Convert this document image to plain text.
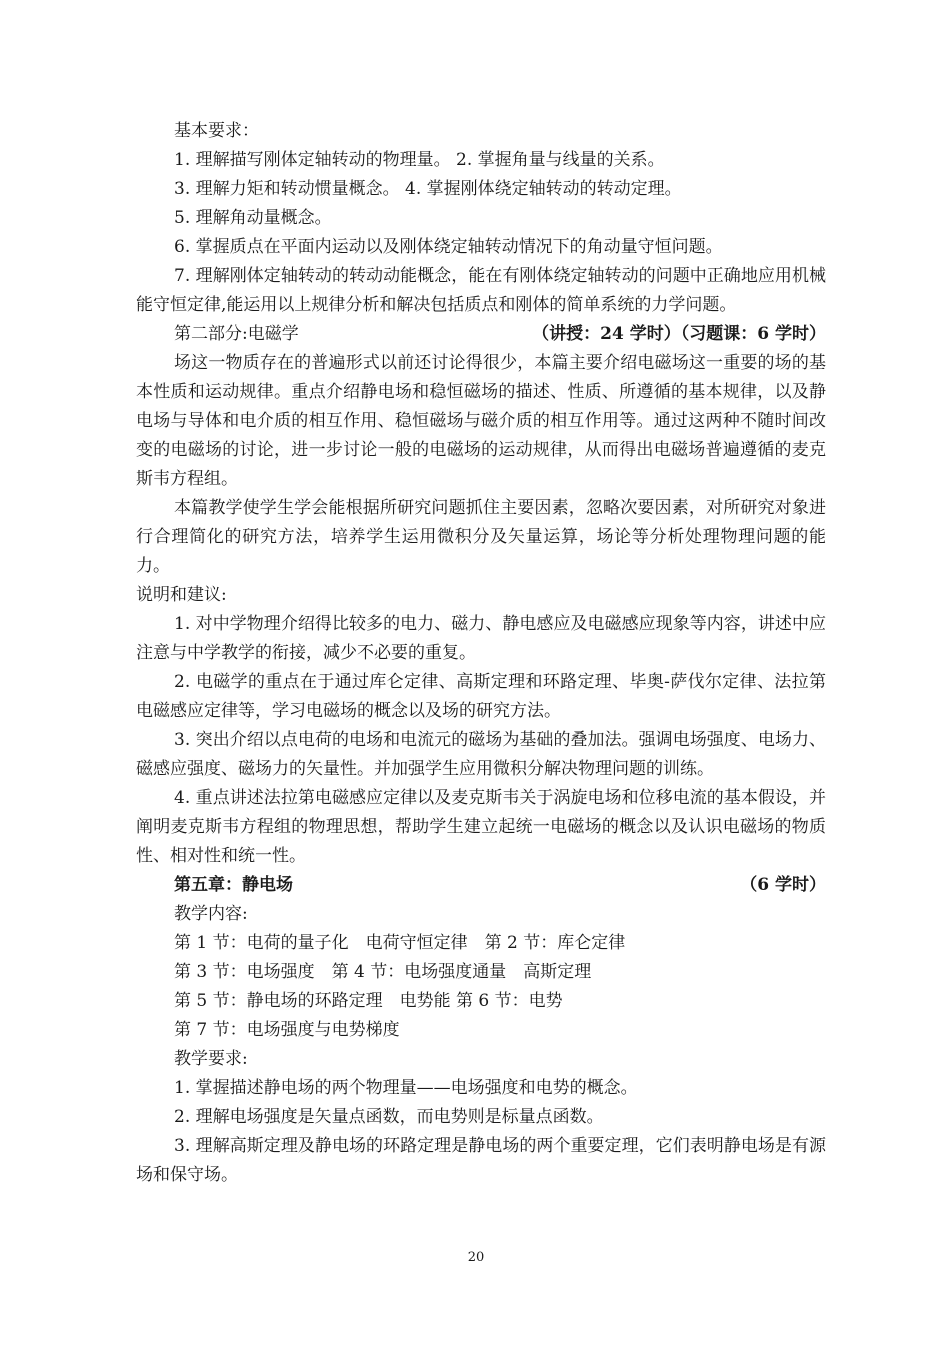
基本要求：

1. 理解描写刚体定轴转动的物理量。 2. 掌握角量与线量的关系。

3. 理解力矩和转动惯量概念。 4. 掌握刚体绕定轴转动的转动定理。

5. 理解角动量概念。

6. 掌握质点在平面内运动以及刚体绕定轴转动情况下的角动量守恒问题。

7. 理解刚体定轴转动的转动动能概念，能在有刚体绕定轴转动的问题中正确地应用机械能守恒定律,能运用以上规律分析和解决包括质点和刚体的简单系统的力学问题。

第二部分:电磁学	（讲授：24 学时）（习题课：6 学时）

场这一物质存在的普遍形式以前还讨论得很少，本篇主要介绍电磁场这一重要的场的基本性质和运动规律。重点介绍静电场和稳恒磁场的描述、性质、所遵循的基本规律，以及静电场与导体和电介质的相互作用、稳恒磁场与磁介质的相互作用等。通过这两种不随时间改变的电磁场的讨论，进一步讨论一般的电磁场的运动规律，从而得出电磁场普遍遵循的麦克斯韦方程组。

本篇教学使学生学会能根据所研究问题抓住主要因素，忽略次要因素，对所研究对象进行合理简化的研究方法，培养学生运用微积分及矢量运算，场论等分析处理物理问题的能力。

说明和建议:

1. 对中学物理介绍得比较多的电力、磁力、静电感应及电磁感应现象等内容，讲述中应注意与中学教学的衔接，减少不必要的重复。

2. 电磁学的重点在于通过库仑定律、高斯定理和环路定理、毕奥-萨伐尔定律、法拉第电磁感应定律等，学习电磁场的概念以及场的研究方法。

3. 突出介绍以点电荷的电场和电流元的磁场为基础的叠加法。强调电场强度、电场力、磁感应强度、磁场力的矢量性。并加强学生应用微积分解决物理问题的训练。

4. 重点讲述法拉第电磁感应定律以及麦克斯韦关于涡旋电场和位移电流的基本假设，并阐明麦克斯韦方程组的物理思想，帮助学生建立起统一电磁场的概念以及认识电磁场的物质性、相对性和统一性。

第五章：静电场	（6 学时）

教学内容:

第 1 节：电荷的量子化　电荷守恒定律　第 2 节：库仑定律

第 3 节：电场强度　第 4 节：电场强度通量　高斯定理

第 5 节：静电场的环路定理　电势能 第 6 节：电势

第 7 节：电场强度与电势梯度

教学要求:

1. 掌握描述静电场的两个物理量——电场强度和电势的概念。

2. 理解电场强度是矢量点函数，而电势则是标量点函数。

3. 理解高斯定理及静电场的环路定理是静电场的两个重要定理，它们表明静电场是有源场和保守场。

20
